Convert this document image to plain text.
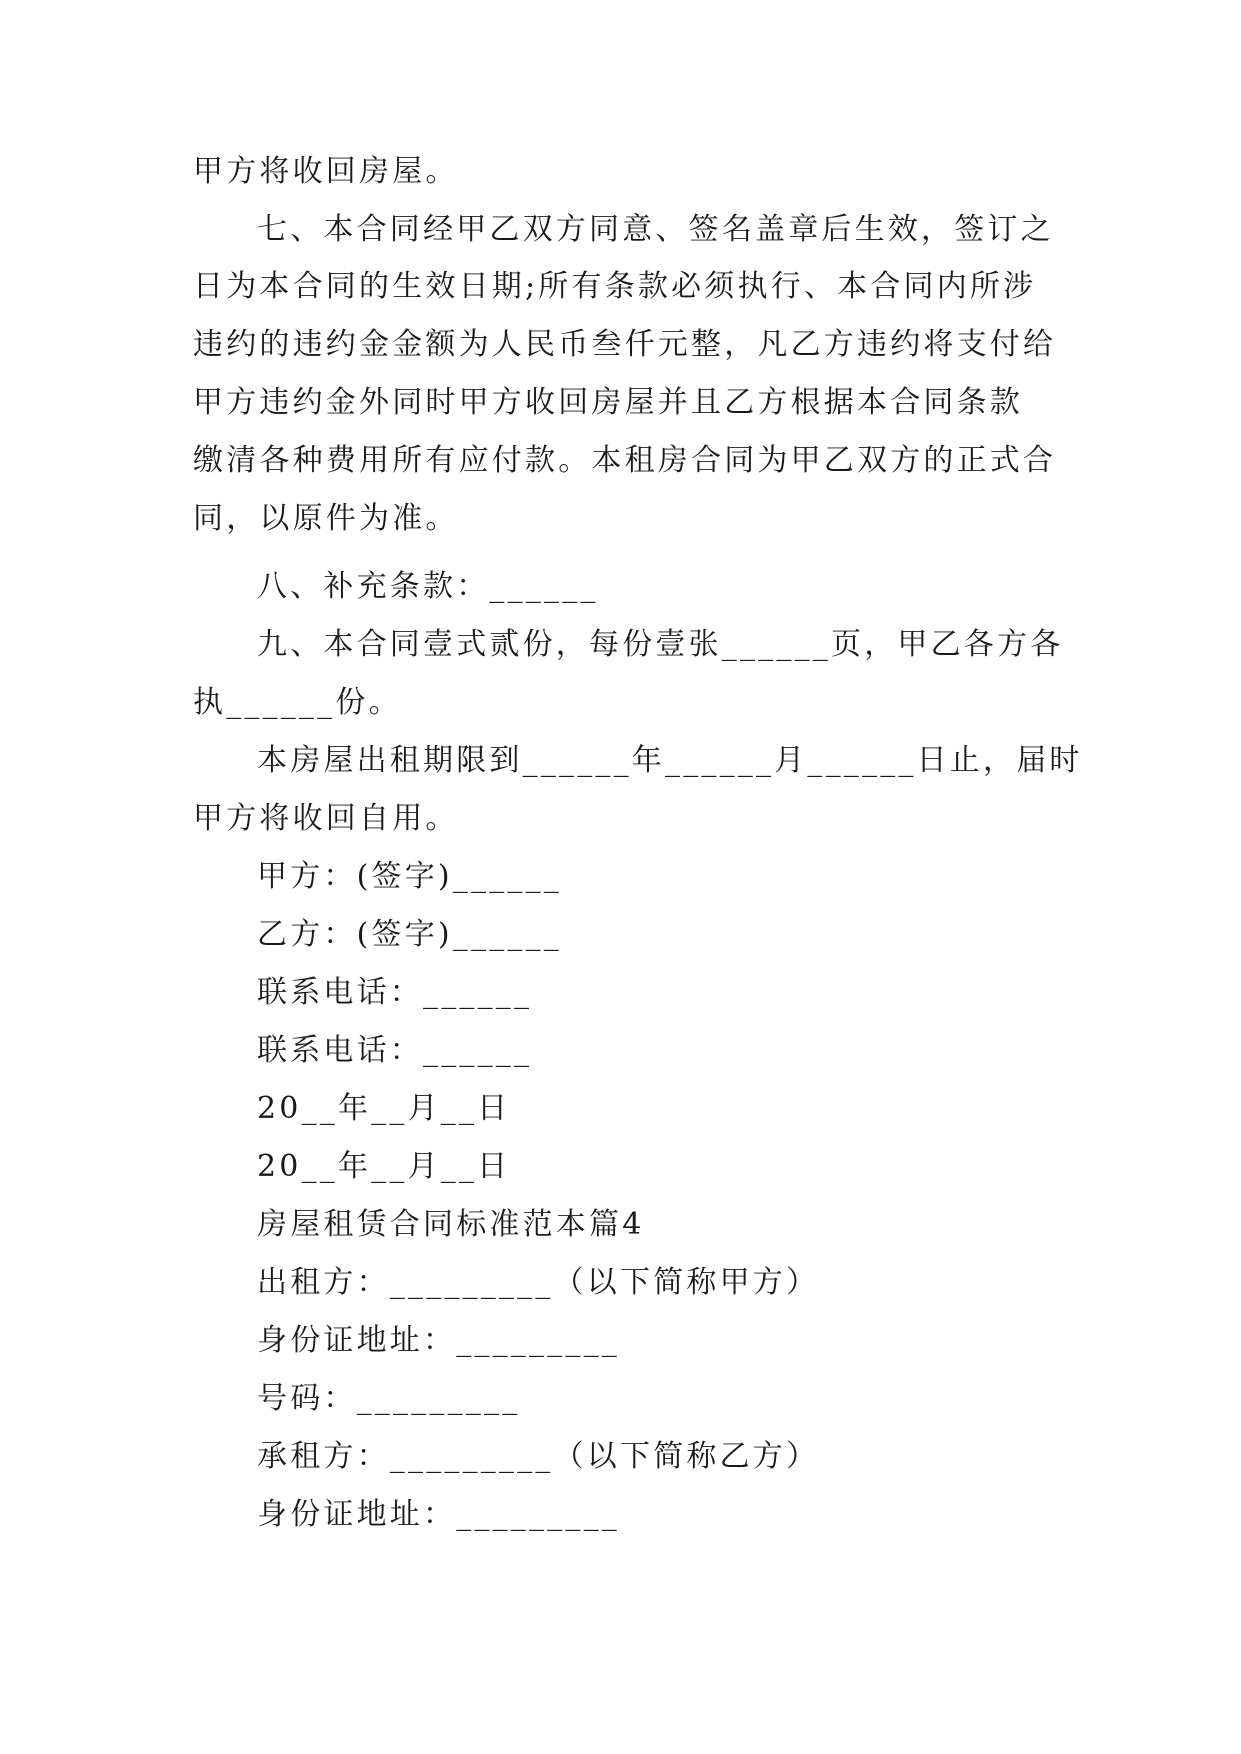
甲方将收回房屋。
七、本合同经甲乙双方同意、签名盖章后生效，签订之
日为本合同的生效日期;所有条款必须执行、本合同内所涉
违约的违约金金额为人民币叁仟元整，凡乙方违约将支付给
甲方违约金外同时甲方收回房屋并且乙方根据本合同条款
缴清各种费用所有应付款。本租房合同为甲乙双方的正式合
同，以原件为准。
八、补充条款：______
九、本合同壹式贰份，每份壹张______页，甲乙各方各
执______份。
本房屋出租期限到______年______月______日止，届时
甲方将收回自用。
甲方：(签字)______
乙方：(签字)______
联系电话：______
联系电话：______
20__年__月__日
20__年__月__日
房屋租赁合同标准范本篇4
出租方：_________（以下简称甲方）
身份证地址：_________
号码：_________
承租方：_________（以下简称乙方）
身份证地址：_________
